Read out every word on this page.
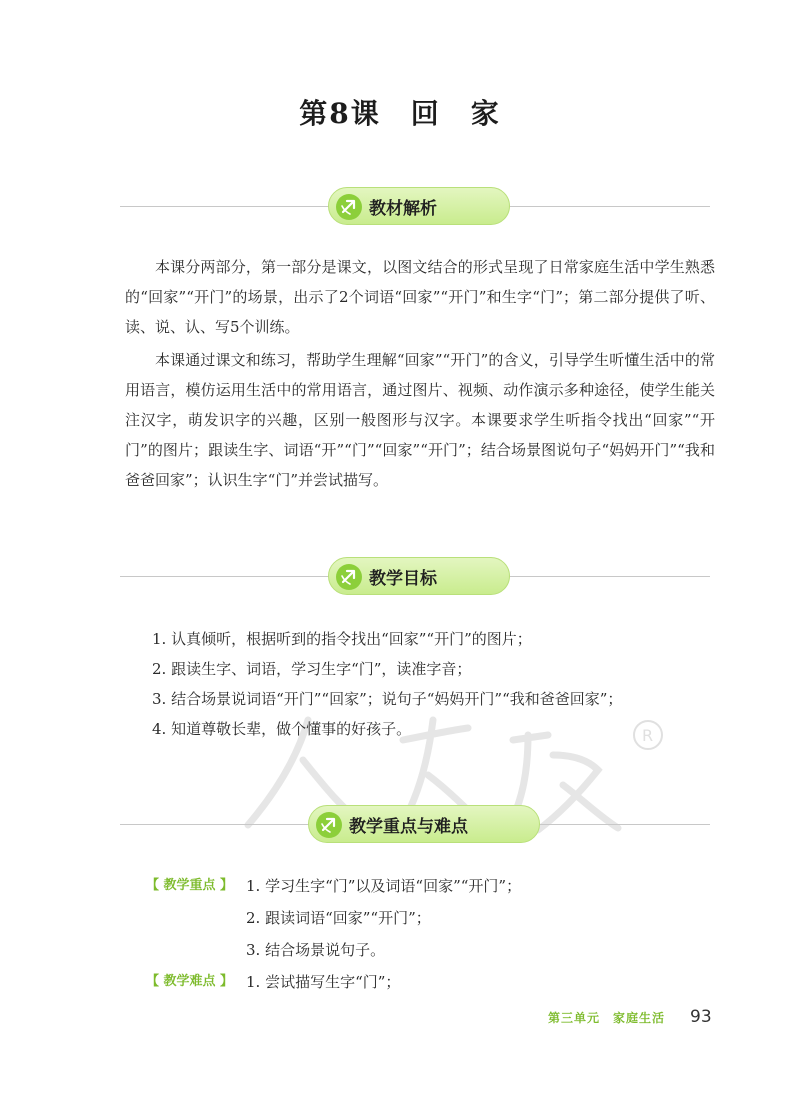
R
第8课　回　家
教材解析

本课分两部分，第一部分是课文，以图文结合的形式呈现了日常家庭生活中学生熟悉的“回家”“开门”的场景，出示了2个词语“回家”“开门”和生字“门”；第二部分提供了听、读、说、认、写5个训练。

本课通过课文和练习，帮助学生理解“回家”“开门”的含义，引导学生听懂生活中的常用语言，模仿运用生活中的常用语言，通过图片、视频、动作演示多种途径，使学生能关注汉字，萌发识字的兴趣，区别一般图形与汉字。本课要求学生听指令找出“回家”“开门”的图片；跟读生字、词语“开”“门”“回家”“开门”；结合场景图说句子“妈妈开门”“我和爸爸回家”；认识生字“门”并尝试描写。

教学目标
1. 认真倾听，根据听到的指令找出“回家”“开门”的图片；
2. 跟读生字、词语，学习生字“门”，读准字音；
3. 结合场景说词语“开门”“回家”；说句子“妈妈开门”“我和爸爸回家”；
4. 知道尊敬长辈，做个懂事的好孩子。
教学重点与难点
【 教学重点 】 1. 学习生字“门”以及词语“回家”“开门”；
2. 跟读词语“回家”“开门”；
3. 结合场景说句子。
【 教学难点 】 1. 尝试描写生字“门”；
第三单元　家庭生活 93
